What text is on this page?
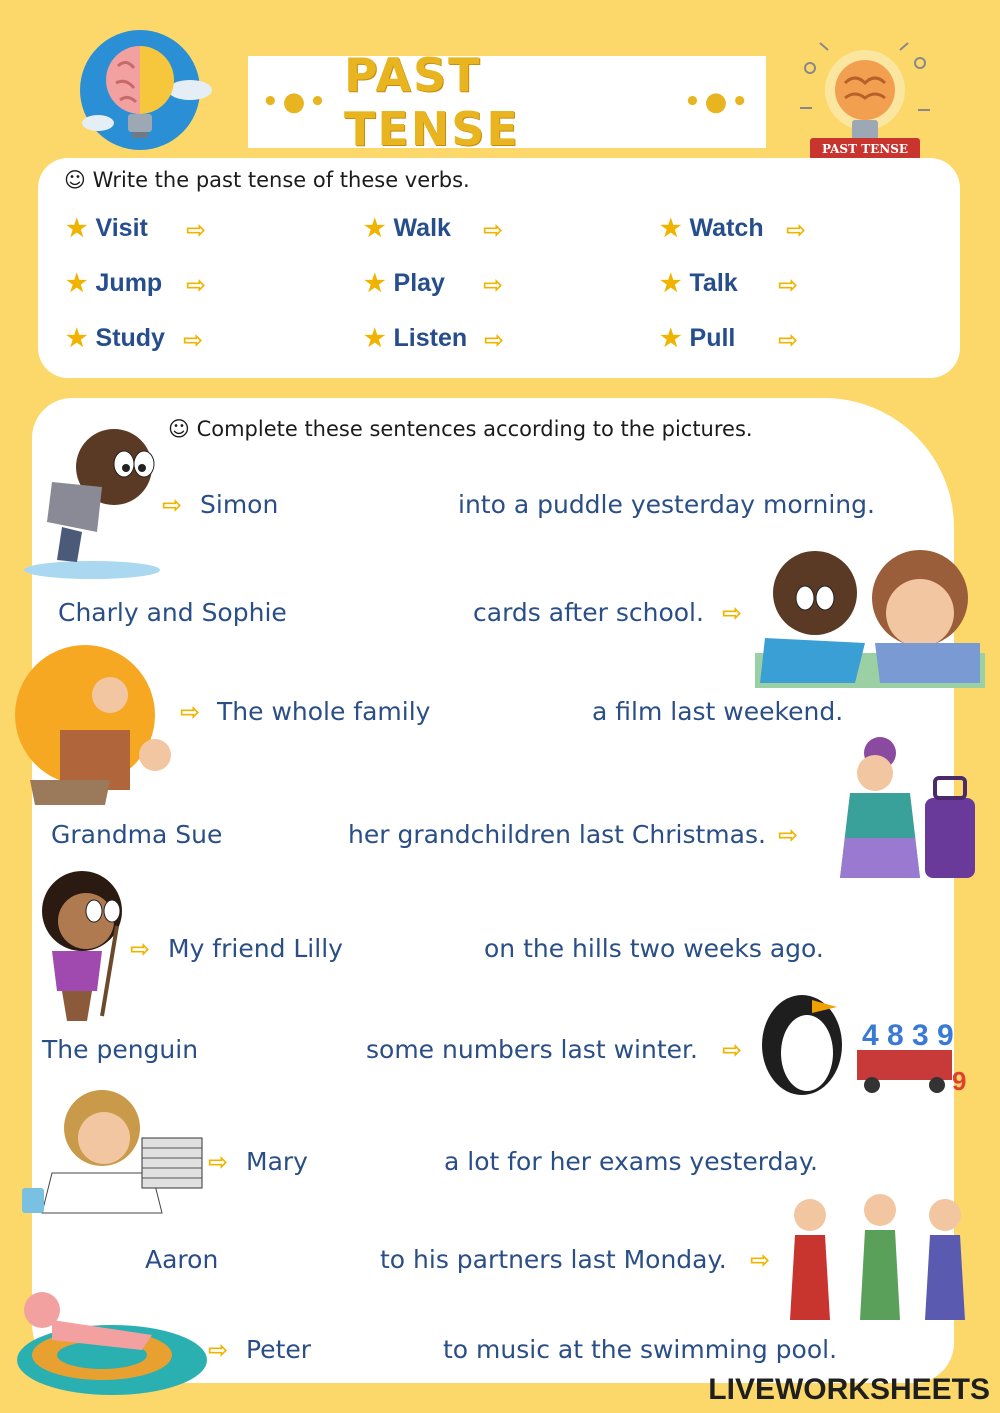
•●• PAST TENSE	•●•
PAST TENSE
☺ Write the past tense of these verbs.
★ Visit ⇨	★ Walk ⇨	★ Watch ⇨
★ Jump ⇨	★ Play ⇨	★ Talk ⇨
★ Study ⇨	★ Listen ⇨	★ Pull ⇨
☺ Complete these sentences according to the pictures.
Simon	into a puddle yesterday morning.
⇨
Charly and Sophie	cards after school. ⇨
The whole family	a film last weekend.
⇨
Grandma Sue	her grandchildren last Christmas. ⇨
My friend Lilly	on the hills two weeks ago.
⇨
The penguin	some numbers last winter. ⇨
Mary	a lot for her exams yesterday.
⇨
Aaron	to his partners last Monday. ⇨
Peter	to music at the swimming pool.
⇨
4 8 3 9
9
LIVEWORKSHEETS
